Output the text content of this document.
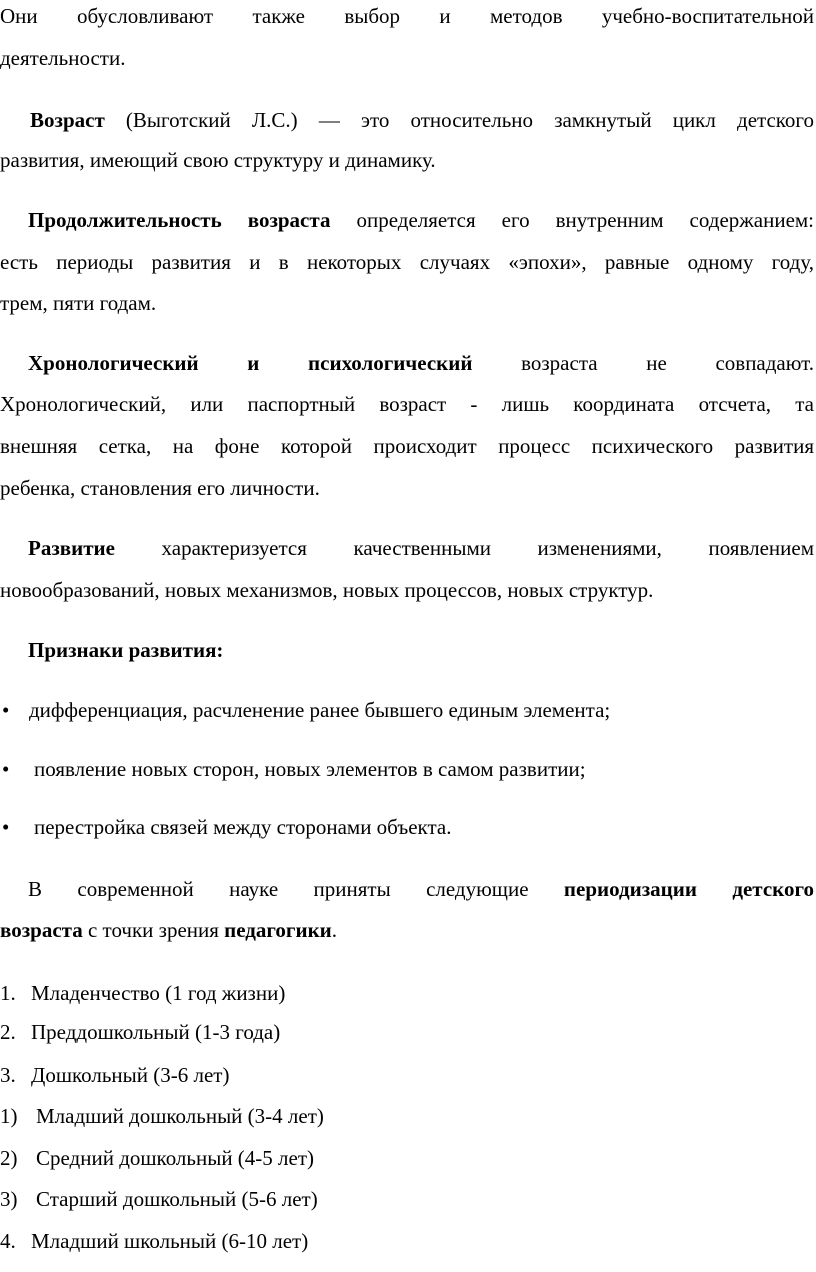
Они обусловливают также выбор и методов учебно-воспитательной
деятельности.
Возраст (Выготский Л.С.) — это относительно замкнутый цикл детского
развития, имеющий свою структуру и динамику.
Продолжительность возраста определяется его внутренним содержанием:
есть периоды развития и в некоторых случаях «эпохи», равные одному году,
трем, пяти годам.
Хронологический и психологический возраста не совпадают.
Хронологический, или паспортный возраст - лишь координата отсчета, та
внешняя сетка, на фоне которой происходит процесс психического развития
ребенка, становления его личности.
Развитие характеризуется качественными изменениями, появлением
новообразований, новых механизмов, новых процессов, новых структур.
Признаки развития:
• дифференциация, расчленение ранее бывшего единым элемента;
• появление новых сторон, новых элементов в самом развитии;
• перестройка связей между сторонами объекта.
В современной науке приняты следующие периодизации детского
возраста с точки зрения педагогики.
1. Младенчество (1 год жизни)
2. Преддошкольный (1-3 года)
3. Дошкольный (3-6 лет)
1) Младший дошкольный (3-4 лет)
2) Средний дошкольный (4-5 лет)
3) Старший дошкольный (5-6 лет)
4. Младший школьный (6-10 лет)
